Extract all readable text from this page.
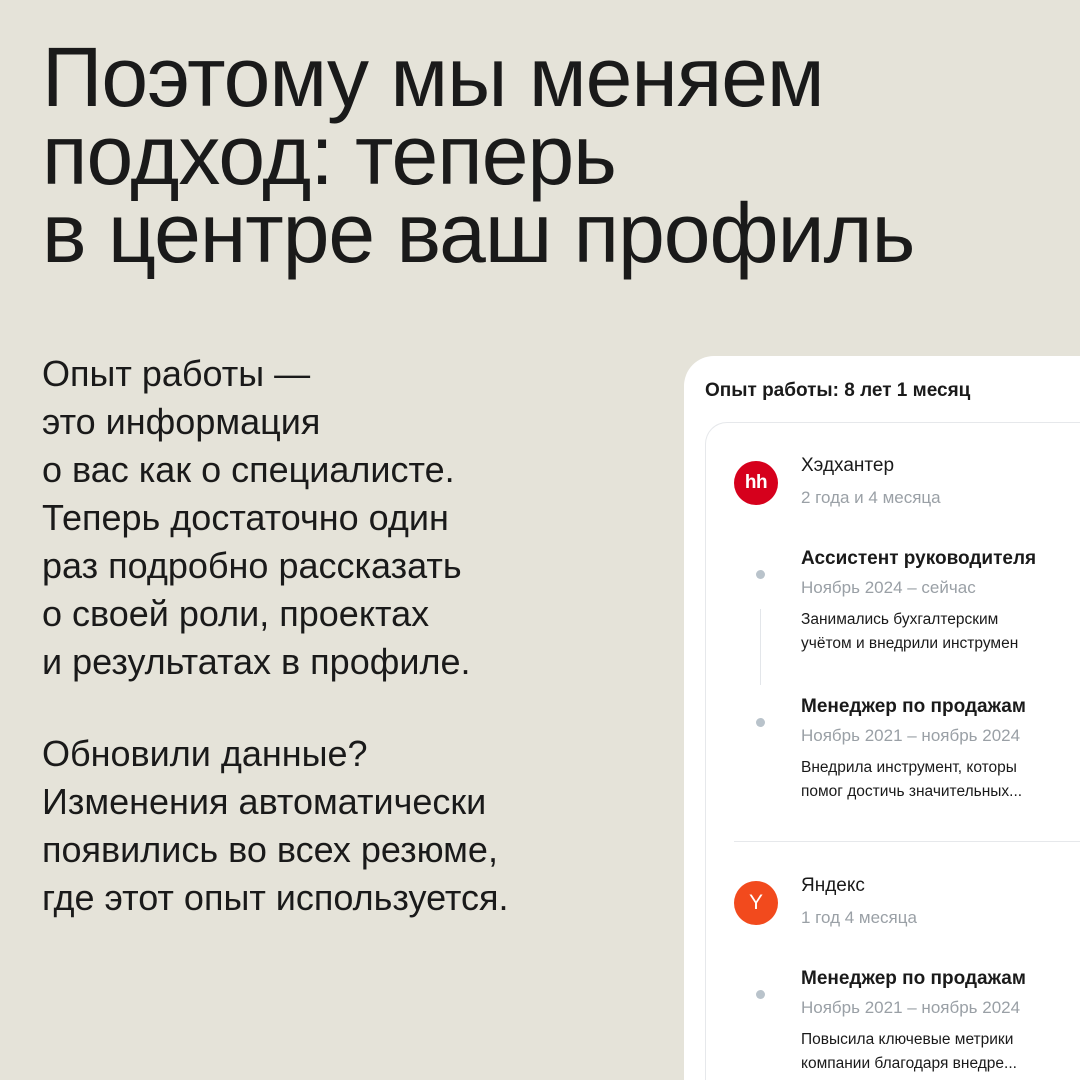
Поэтому мы меняем
подход: теперь
в центре ваш профиль
Опыт работы —
это информация
о вас как о специалисте.
Теперь достаточно один
раз подробно рассказать
о своей роли, проектах
и результатах в профиле.
Обновили данные?
Изменения автоматически
появились во всех резюме,
где этот опыт используется.
Опыт работы: 8 лет 1 месяц
hh
Хэдхантер
2 года и 4 месяца
Ассистент руководителя
Ноябрь 2024 – сейчас
Занимались бухгалтерским
учётом и внедрили инструмен
Менеджер по продажам
Ноябрь 2021 – ноябрь 2024
Внедрила инструмент, которы
помог достичь значительных...
Y
Яндекс
1 год 4 месяца
Менеджер по продажам
Ноябрь 2021 – ноябрь 2024
Повысила ключевые метрики
компании благодаря внедре...
